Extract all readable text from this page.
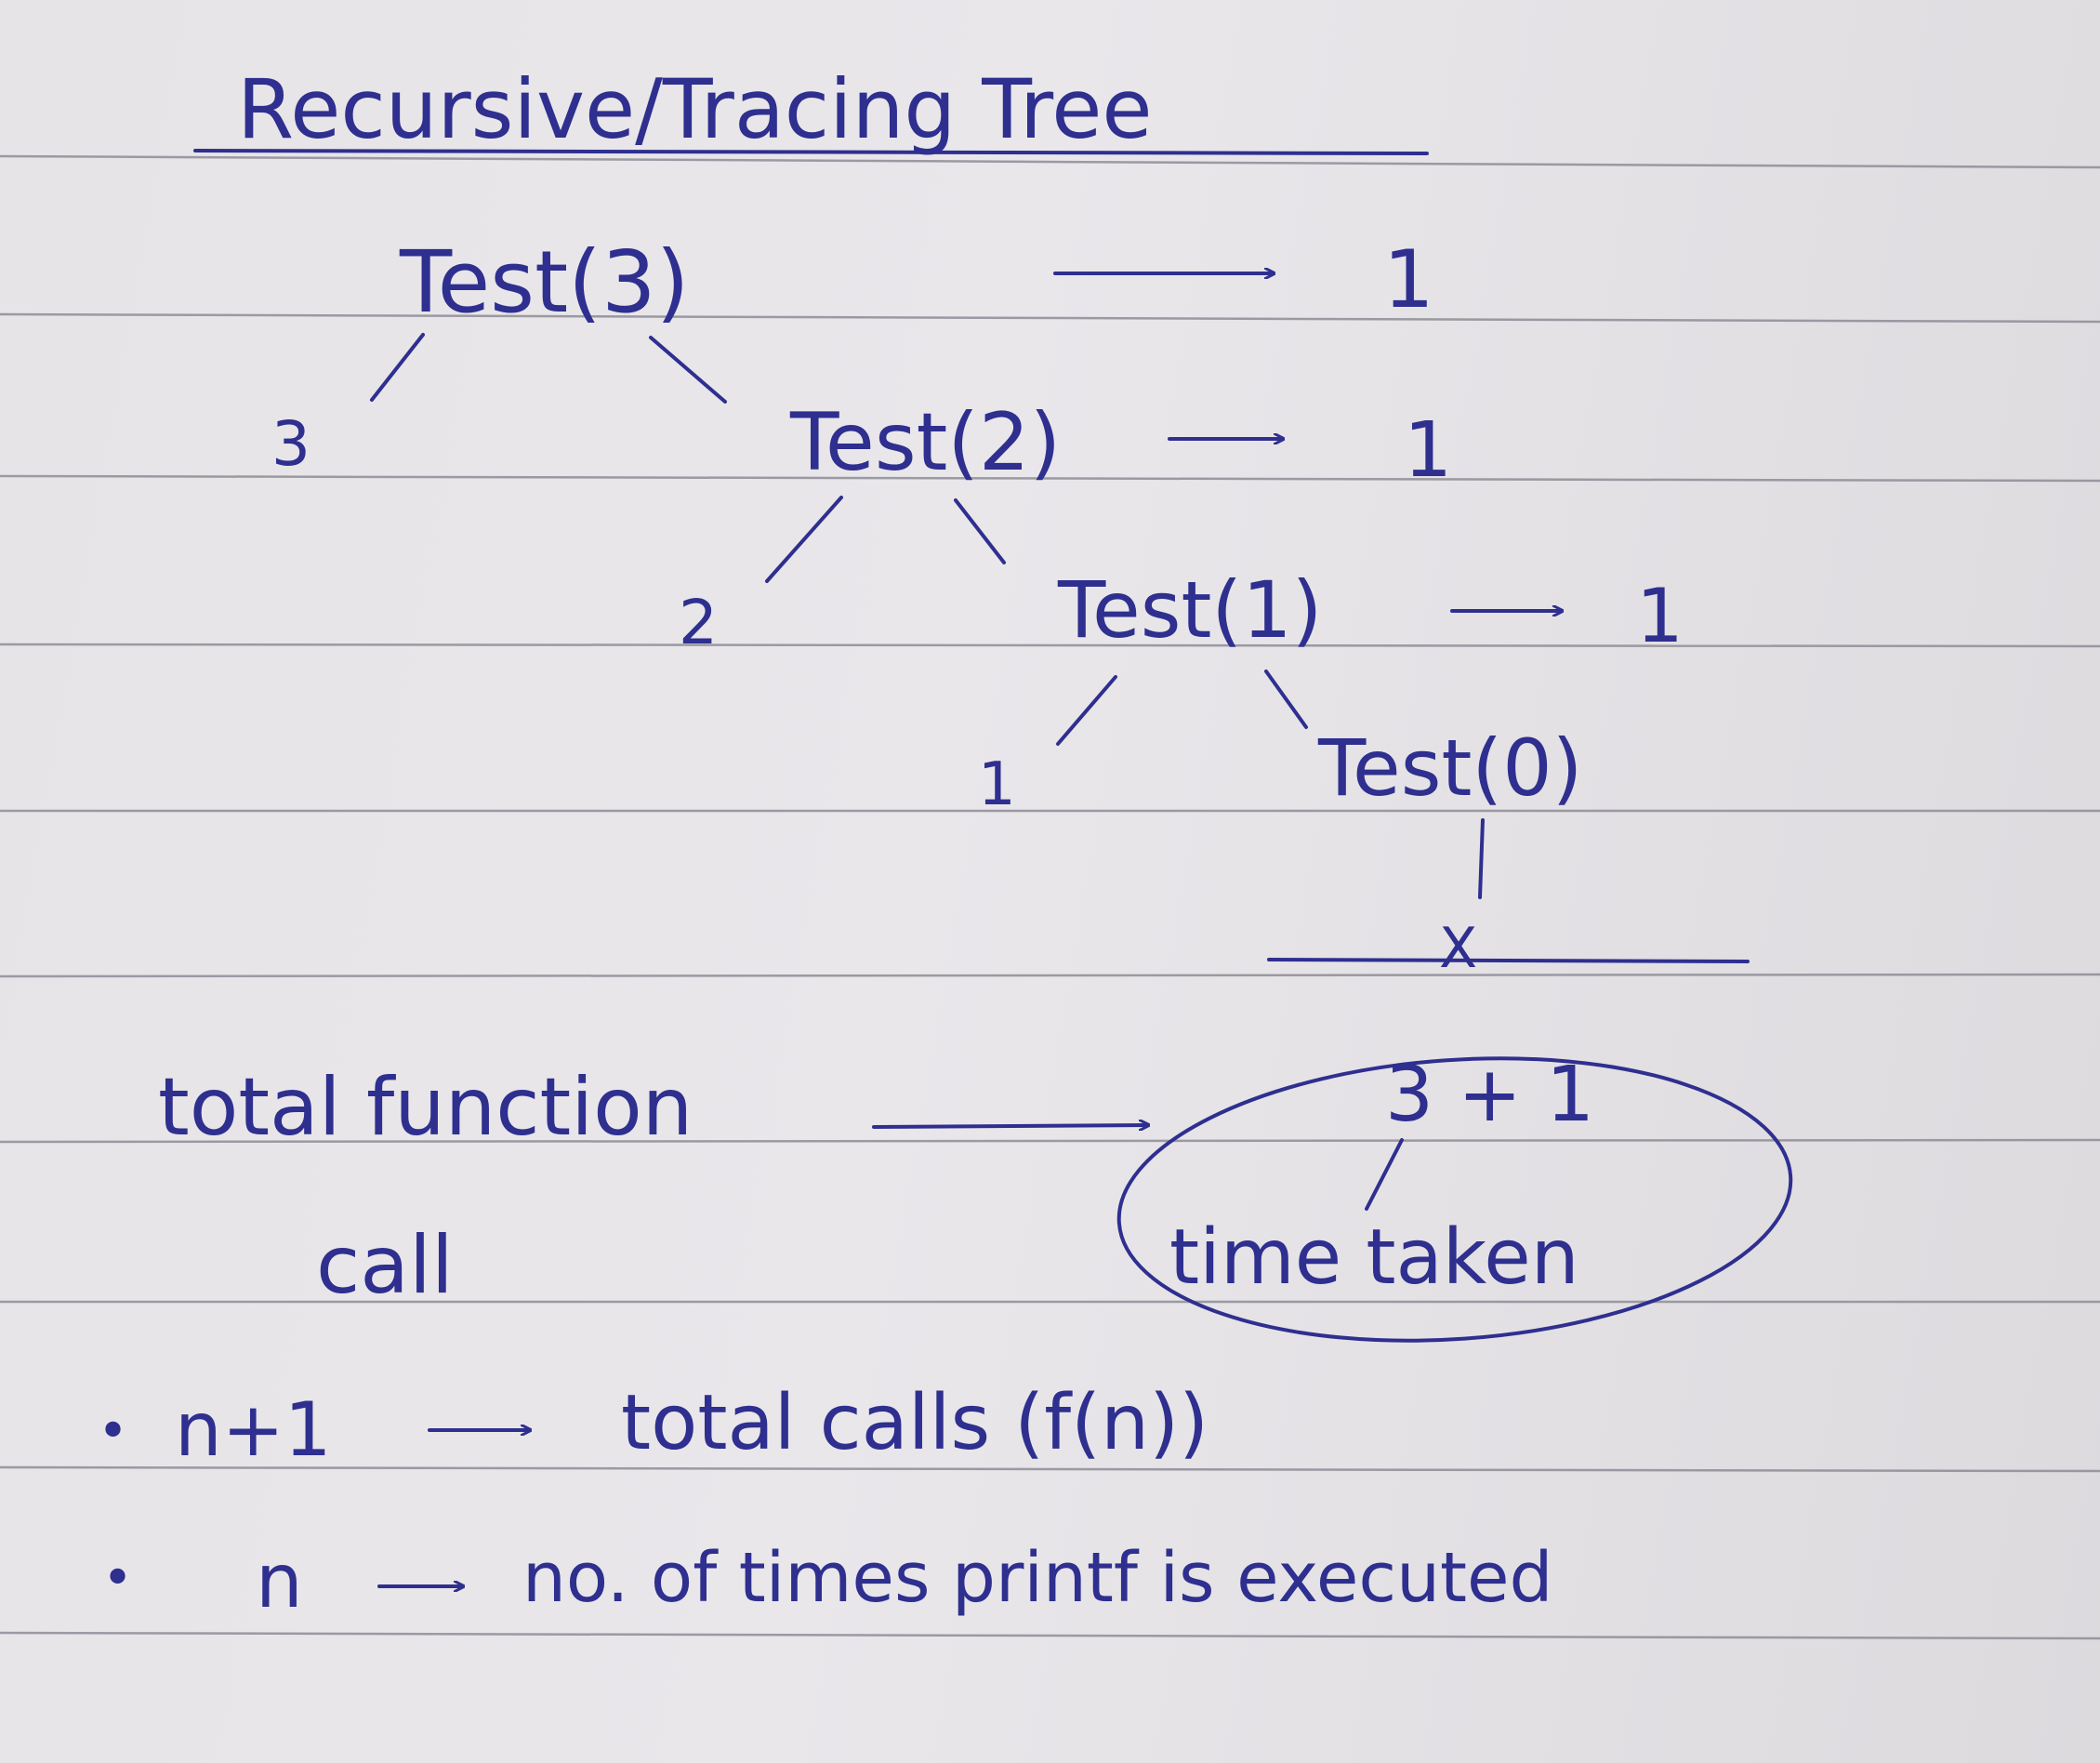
Recursive/Tracing Tree
Test(3)	1
3	Test(2)	1
2	Test(1)	1
1	Test(0)
X
total function
call
3 + 1
time taken
• n+1	total calls (f(n))
• n	no. of times printf is executed
